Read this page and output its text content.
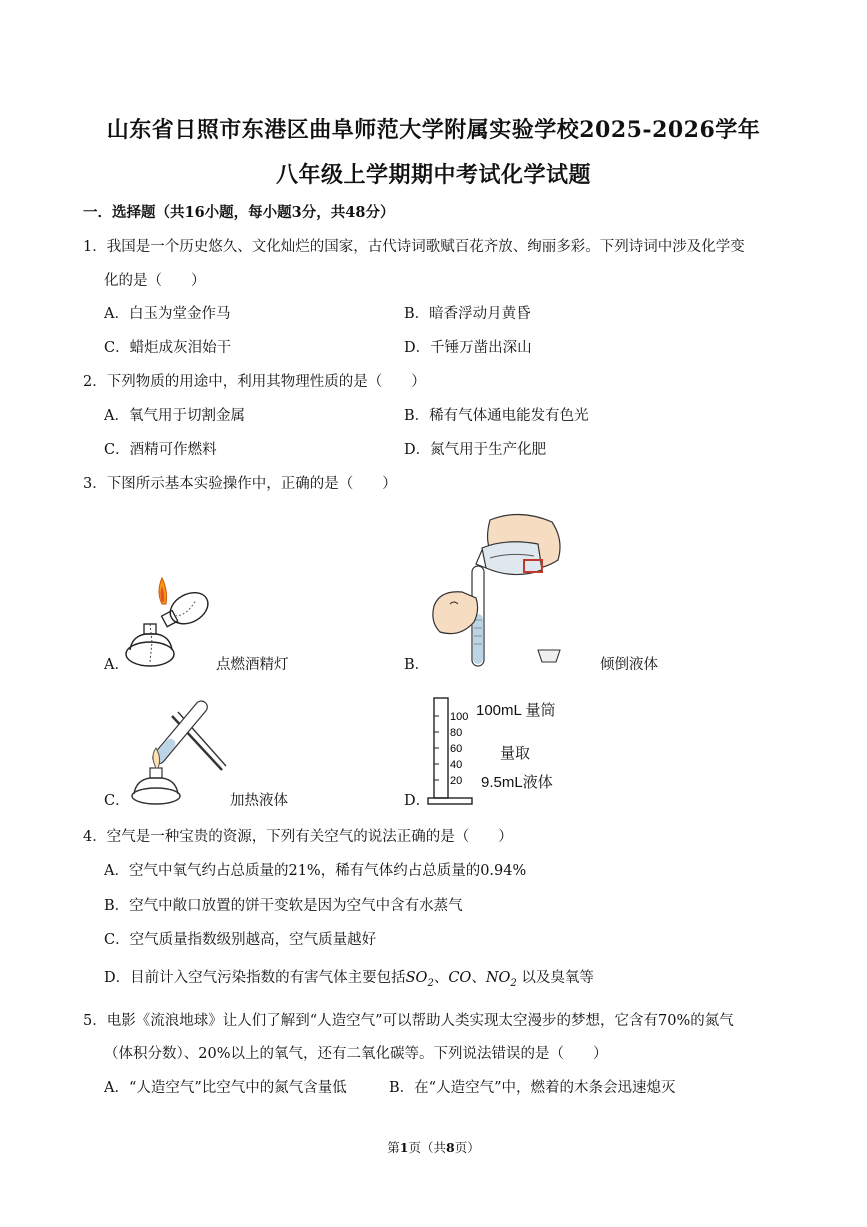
山东省日照市东港区曲阜师范大学附属实验学校2025-2026学年
八年级上学期期中考试化学试题
一．选择题（共16小题，每小题3分，共48分）
1．我国是一个历史悠久、文化灿烂的国家，古代诗词歌赋百花齐放、绚丽多彩。下列诗词中涉及化学变
化的是（　　）
A．白玉为堂金作马	B．暗香浮动月黄昏
C．蜡炬成灰泪始干	D．千锤万凿出深山
2．下列物质的用途中，利用其物理性质的是（　　）
A．氧气用于切割金属	B．稀有气体通电能发有色光
C．酒精可作燃料	D．氮气用于生产化肥
3．下图所示基本实验操作中，正确的是（　　）
A．	点燃酒精灯	B．	倾倒液体
C．	加热液体
100
80
60
40
20
100mL 量筒
量取
9.5mL液体
D．
4．空气是一种宝贵的资源，下列有关空气的说法正确的是（　　）
A．空气中氧气约占总质量的21%，稀有气体约占总质量的0.94%
B．空气中敞口放置的饼干变软是因为空气中含有水蒸气
C．空气质量指数级别越高，空气质量越好
D．目前计入空气污染指数的有害气体主要包括$SO_2$、CO、$NO_2$ 以及臭氧等
5．电影《流浪地球》让人们了解到“人造空气”可以帮助人类实现太空漫步的梦想，它含有70%的氮气
（体积分数）、20%以上的氧气，还有二氧化碳等。下列说法错误的是（　　）
A．“人造空气”比空气中的氮气含量低	B．在“人造空气”中，燃着的木条会迅速熄灭
第1页（共8页）
